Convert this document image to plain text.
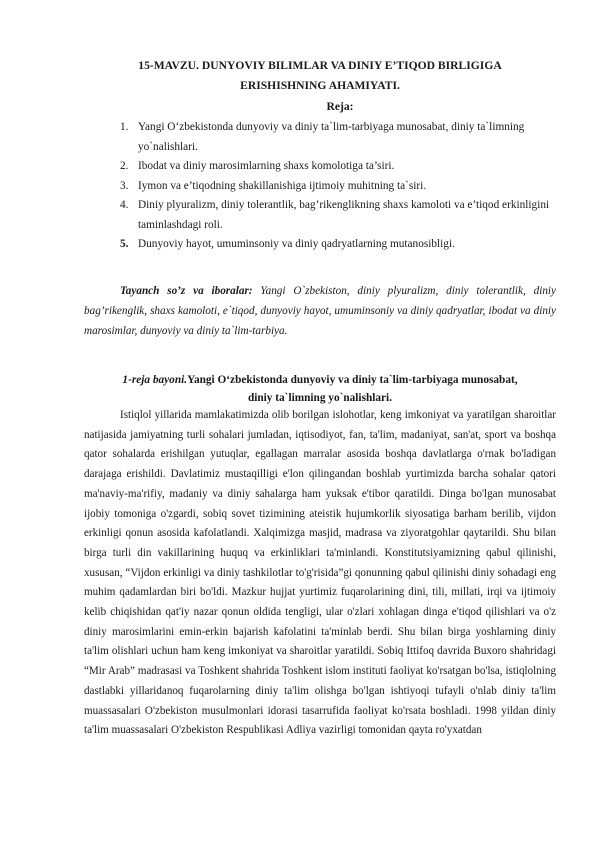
15-MAVZU. DUNYOVIY BILIMLAR VA DINIY E’TIQOD BIRLIGIGA
ERISHISHNING AHAMIYATI.
Reja:
1. Yangi O‘zbekistonda dunyoviy va diniy ta`lim-tarbiyaga munosabat, diniy ta`limning yo`nalishlari.
2. Ibodat va diniy marosimlarning shaxs komolotiga ta’siri.
3. Iymon va e’tiqodning shakillanishiga ijtimoiy muhitning ta`siri.
4. Diniy plyuralizm, diniy tolerantlik, bag’rikenglikning shaxs kamoloti va e’tiqod erkinligini taminlashdagi roli.
5. Dunyoviy hayot, umuminsoniy va diniy qadryatlarning mutanosibligi.

Tayanch so’z va iboralar: Yangi O`zbekiston, diniy plyuralizm, diniy tolerantlik, diniy bag’rikenglik, shaxs kamoloti, e`tiqod, dunyoviy hayot, umuminsoniy va diniy qadryatlar, ibodat va diniy marosimlar, dunyoviy va diniy ta`lim-tarbiya.

1-reja bayoni.Yangi O‘zbekistonda dunyoviy va diniy ta`lim-tarbiyaga munosabat,
diniy ta`limning yo`nalishlari.

Istiqlol yillarida mamlakatimizda olib borilgan islohotlar, keng imkoniyat va yaratilgan sharoitlar natijasida jamiyatning turli sohalari jumladan, iqtisodiyot, fan, ta'lim, madaniyat, san'at, sport va boshqa qator sohalarda erishilgan yutuqlar, egallagan marralar asosida boshqa davlatlarga o'rnak bo'ladigan darajaga erishildi. Davlatimiz mustaqilligi e'lon qilingandan boshlab yurtimizda barcha sohalar qatori ma'naviy-ma'rifiy, madaniy va diniy sahalarga ham yuksak e'tibor qaratildi. Dinga bo'lgan munosabat ijobiy tomoniga o'zgardi, sobiq sovet tizimining ateistik hujumkorlik siyosatiga barham berilib, vijdon erkinligi qonun asosida kafolatlandi. Xalqimizga masjid, madrasa va ziyoratgohlar qaytarildi. Shu bilan birga turli din vakillarining huquq va erkinliklari ta'minlandi. Konstitutsiyamizning qabul qilinishi, xususan, “Vijdon erkinligi va diniy tashkilotlar to'g'risida”gi qonunning qabul qilinishi diniy sohadagi eng muhim qadamlardan biri bo'ldi. Mazkur hujjat yurtimiz fuqarolarining dini, tili, millati, irqi va ijtimoiy kelib chiqishidan qat'iy nazar qonun oldida tengligi, ular o'zlari xohlagan dinga e'tiqod qilishlari va o'z diniy marosimlarini emin-erkin bajarish kafolatini ta'minlab berdi. Shu bilan birga yoshlarning diniy ta'lim olishlari uchun ham keng imkoniyat va sharoitlar yaratildi. Sobiq Ittifoq davrida Buxoro shahridagi “Mir Arab” madrasasi va Toshkent shahrida Toshkent islom instituti faoliyat ko'rsatgan bo'lsa, istiqlolning dastlabki yillaridanoq fuqarolarning diniy ta'lim olishga bo'lgan ishtiyoqi tufayli o'nlab diniy ta'lim muassasalari O'zbekiston musulmonlari idorasi tasarrufida faoliyat ko'rsata boshladi. 1998 yildan diniy ta'lim muassasalari O'zbekiston Respublikasi Adliya vazirligi tomonidan qayta ro'yxatdan
